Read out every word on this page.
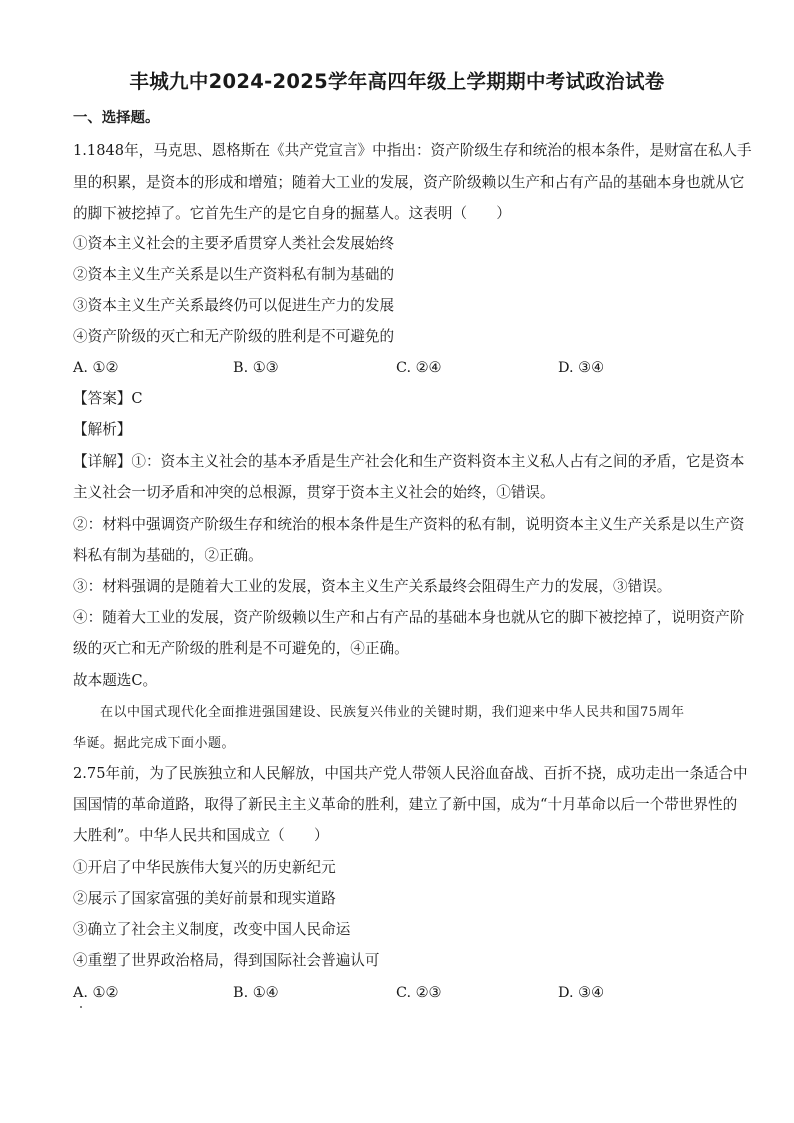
丰城九中2024-2025学年高四年级上学期期中考试政治试卷
一、选择题。
1.1848年，马克思、恩格斯在《共产党宣言》中指出：资产阶级生存和统治的根本条件，是财富在私人手
里的积累，是资本的形成和增殖；随着大工业的发展，资产阶级赖以生产和占有产品的基础本身也就从它
的脚下被挖掉了。它首先生产的是它自身的掘墓人。这表明（　　）
①资本主义社会的主要矛盾贯穿人类社会发展始终
②资本主义生产关系是以生产资料私有制为基础的
③资本主义生产关系最终仍可以促进生产力的发展
④资产阶级的灭亡和无产阶级的胜利是不可避免的
A. ①②	B. ①③	C. ②④	D. ③④
【答案】C
【解析】
【详解】①：资本主义社会的基本矛盾是生产社会化和生产资料资本主义私人占有之间的矛盾，它是资本
主义社会一切矛盾和冲突的总根源，贯穿于资本主义社会的始终，①错误。
②：材料中强调资产阶级生存和统治的根本条件是生产资料的私有制，说明资本主义生产关系是以生产资
料私有制为基础的，②正确。
③：材料强调的是随着大工业的发展，资本主义生产关系最终会阻碍生产力的发展，③错误。
④：随着大工业的发展，资产阶级赖以生产和占有产品的基础本身也就从它的脚下被挖掉了，说明资产阶
级的灭亡和无产阶级的胜利是不可避免的，④正确。
故本题选C。
在以中国式现代化全面推进强国建设、民族复兴伟业的关键时期，我们迎来中华人民共和国75周年
华诞。据此完成下面小题。
2.75年前，为了民族独立和人民解放，中国共产党人带领人民浴血奋战、百折不挠，成功走出一条适合中
国国情的革命道路，取得了新民主主义革命的胜利，建立了新中国，成为“十月革命以后一个带世界性的
大胜利”。中华人民共和国成立（　　）
①开启了中华民族伟大复兴的历史新纪元
②展示了国家富强的美好前景和现实道路
③确立了社会主义制度，改变中国人民命运
④重塑了世界政治格局，得到国际社会普遍认可
A. ①②	B. ①④	C. ②③	D. ③④
